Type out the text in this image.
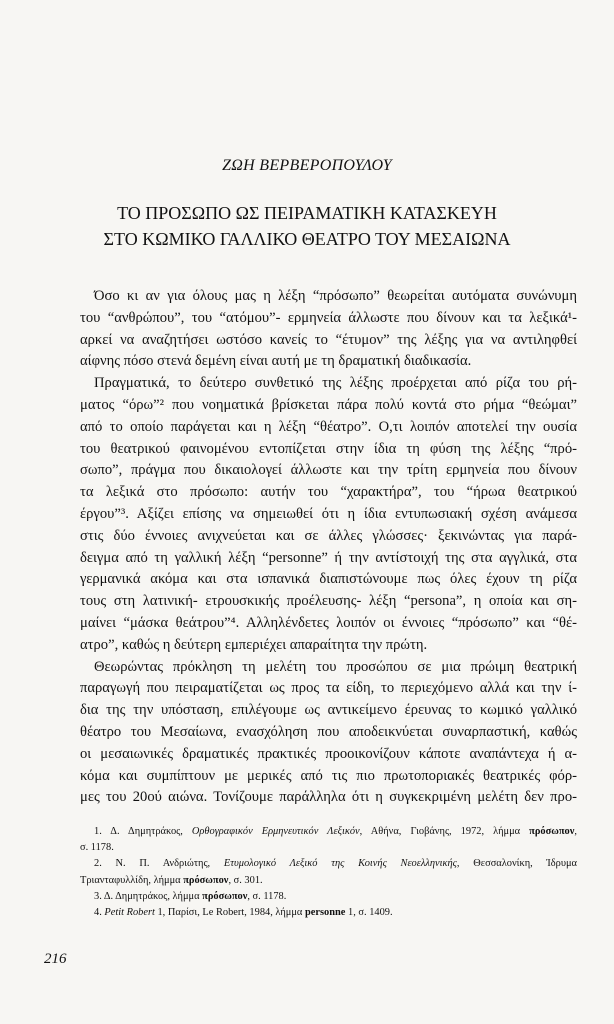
ΖΩΗ ΒΕΡΒΕΡΟΠΟΥΛΟΥ
ΤΟ ΠΡΟΣΩΠΟ ΩΣ ΠΕΙΡΑΜΑΤΙΚΗ ΚΑΤΑΣΚΕΥΗ
ΣΤΟ ΚΩΜΙΚΟ ΓΑΛΛΙΚΟ ΘΕΑΤΡΟ ΤΟΥ ΜΕΣΑΙΩΝΑ
Όσο κι αν για όλους μας η λέξη “πρόσωπο” θεωρείται αυτόματα συνώνυμη
του “ανθρώπου”, του “ατόμου”- ερμηνεία άλλωστε που δίνουν και τα λεξικά¹-
αρκεί να αναζητήσει ωστόσο κανείς το “έτυμον” της λέξης για να αντιληφθεί
αίφνης πόσο στενά δεμένη είναι αυτή με τη δραματική διαδικασία.
Πραγματικά, το δεύτερο συνθετικό της λέξης προέρχεται από ρίζα του ρή-
ματος “όρω”² που νοηματικά βρίσκεται πάρα πολύ κοντά στο ρήμα “θεώμαι”
από το οποίο παράγεται και η λέξη “θέατρο”. Ο,τι λοιπόν αποτελεί την ουσία
του θεατρικού φαινομένου εντοπίζεται στην ίδια τη φύση της λέξης “πρό-
σωπο”, πράγμα που δικαιολογεί άλλωστε και την τρίτη ερμηνεία που δίνουν
τα λεξικά στο πρόσωπο: αυτήν του “χαρακτήρα”, του “ήρωα θεατρικού
έργου”³. Αξίζει επίσης να σημειωθεί ότι η ίδια εντυπωσιακή σχέση ανάμεσα
στις δύο έννοιες ανιχνεύεται και σε άλλες γλώσσες· ξεκινώντας για παρά-
δειγμα από τη γαλλική λέξη “personne” ή την αντίστοιχή της στα αγγλικά, στα
γερμανικά ακόμα και στα ισπανικά διαπιστώνουμε πως όλες έχουν τη ρίζα
τους στη λατινική- ετρουσκικής προέλευσης- λέξη “persona”, η οποία και ση-
μαίνει “μάσκα θεάτρου”⁴. Αλληλένδετες λοιπόν οι έννοιες “πρόσωπο” και “θέ-
ατρο”, καθώς η δεύτερη εμπεριέχει απαραίτητα την πρώτη.
Θεωρώντας πρόκληση τη μελέτη του προσώπου σε μια πρώιμη θεατρική
παραγωγή που πειραματίζεται ως προς τα είδη, το περιεχόμενο αλλά και την ί-
δια της την υπόσταση, επιλέγουμε ως αντικείμενο έρευνας το κωμικό γαλλικό
θέατρο του Μεσαίωνα, ενασχόληση που αποδεικνύεται συναρπαστική, καθώς
οι μεσαιωνικές δραματικές πρακτικές προοικονίζουν κάποτε αναπάντεχα ή α-
κόμα και συμπίπτουν με μερικές από τις πιο πρωτοποριακές θεατρικές φόρ-
μες του 20ού αιώνα. Τονίζουμε παράλληλα ότι η συγκεκριμένη μελέτη δεν προ-
1. Δ. Δημητράκος, Ορθογραφικόν Ερμηνευτικόν Λεξικόν, Αθήνα, Γιοβάνης, 1972, λήμμα πρόσωπον,
σ. 1178.
2. Ν. Π. Ανδριώτης, Ετυμολογικό Λεξικό της Κοινής Νεοελληνικής, Θεσσαλονίκη, Ίδρυμα
Τριανταφυλλίδη, λήμμα πρόσωπον, σ. 301.
3. Δ. Δημητράκος, λήμμα πρόσωπον, σ. 1178.
4. Petit Robert 1, Παρίσι, Le Robert, 1984, λήμμα personne 1, σ. 1409.
216
